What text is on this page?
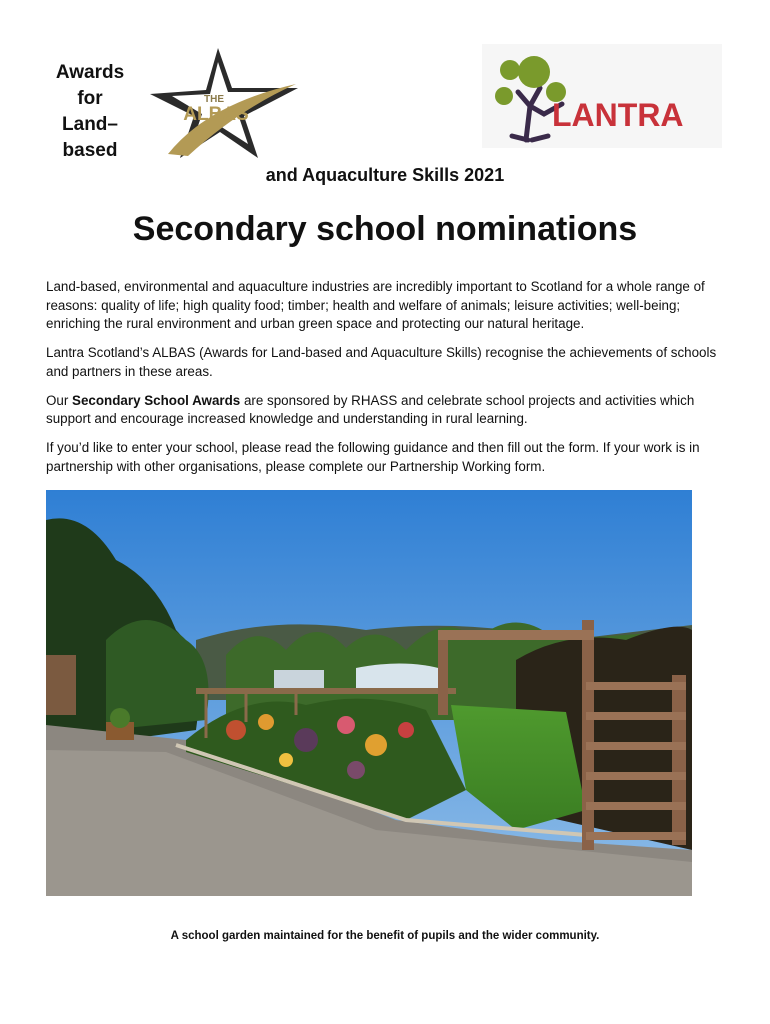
Awards
for
Land–
based
THE
ALBAS	LANTRA
and Aquaculture Skills 2021
Secondary school nominations

Land-based, environmental and aquaculture industries are incredibly important to Scotland for a whole range of reasons: quality of life; high quality food; timber; health and welfare of animals; leisure activities; well-being; enriching the rural environment and urban green space and protecting our natural heritage.

Lantra Scotland’s ALBAS (Awards for Land-based and Aquaculture Skills) recognise the achievements of schools and partners in these areas.

Our Secondary School Awards are sponsored by RHASS and celebrate school projects and activities which support and encourage increased knowledge and understanding in rural learning.

If you’d like to enter your school, please read the following guidance and then fill out the form. If your work is in partnership with other organisations, please complete our Partnership Working form.

A school garden maintained for the benefit of pupils and the wider community.
